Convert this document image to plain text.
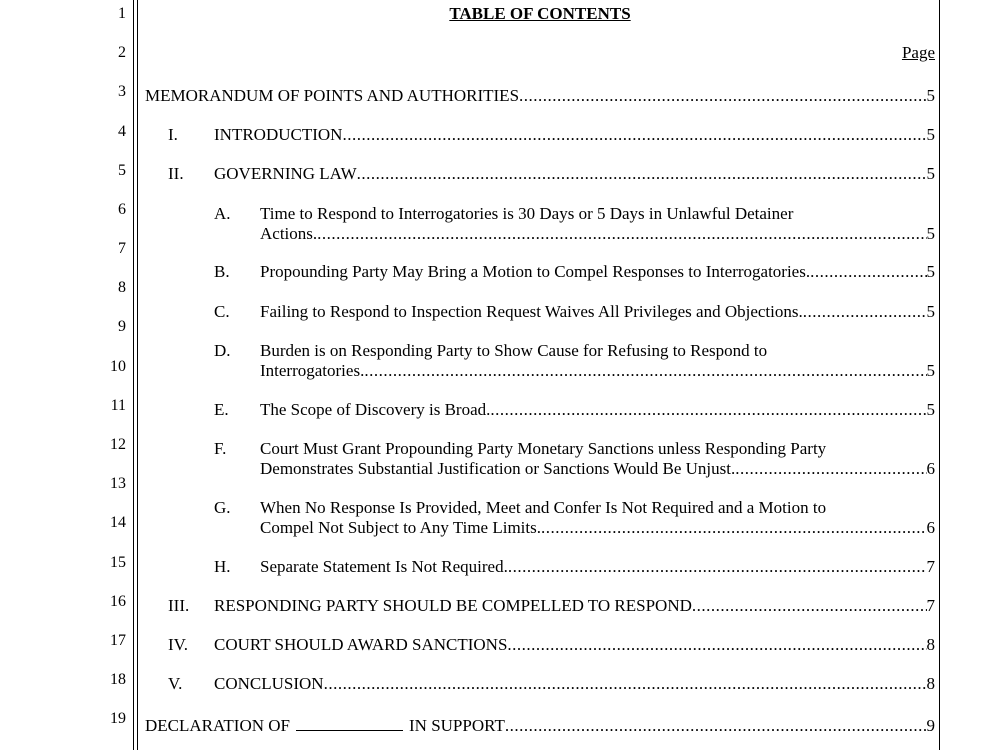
1
2
3
4
5
6
7
8
9
10
11
12
13
14
15
16
17
18
19
TABLE OF CONTENTS
Page
MEMORANDUM OF POINTS AND AUTHORITIES .....	5
I. INTRODUCTION .....	5
II. GOVERNING LAW .....	5
A. Time to Respond to Interrogatories is 30 Days or 5 Days in Unlawful Detainer
Actions. .....	5
B. Propounding Party May Bring a Motion to Compel Responses to Interrogatories. .....	5
C. Failing to Respond to Inspection Request Waives All Privileges and Objections. .....	5
D. Burden is on Responding Party to Show Cause for Refusing to Respond to
Interrogatories. .....	5
E. The Scope of Discovery is Broad. .....	5
F. Court Must Grant Propounding Party Monetary Sanctions unless Responding Party
Demonstrates Substantial Justification or Sanctions Would Be Unjust. .....	6
G. When No Response Is Provided, Meet and Confer Is Not Required and a Motion to
Compel Not Subject to Any Time Limits. .....	6
H. Separate Statement Is Not Required. .....	7
III. RESPONDING PARTY SHOULD BE COMPELLED TO RESPOND .....	7
IV. COURT SHOULD AWARD SANCTIONS .....	8
V. CONCLUSION .....	8
DECLARATION OF	IN SUPPORT .....	9
